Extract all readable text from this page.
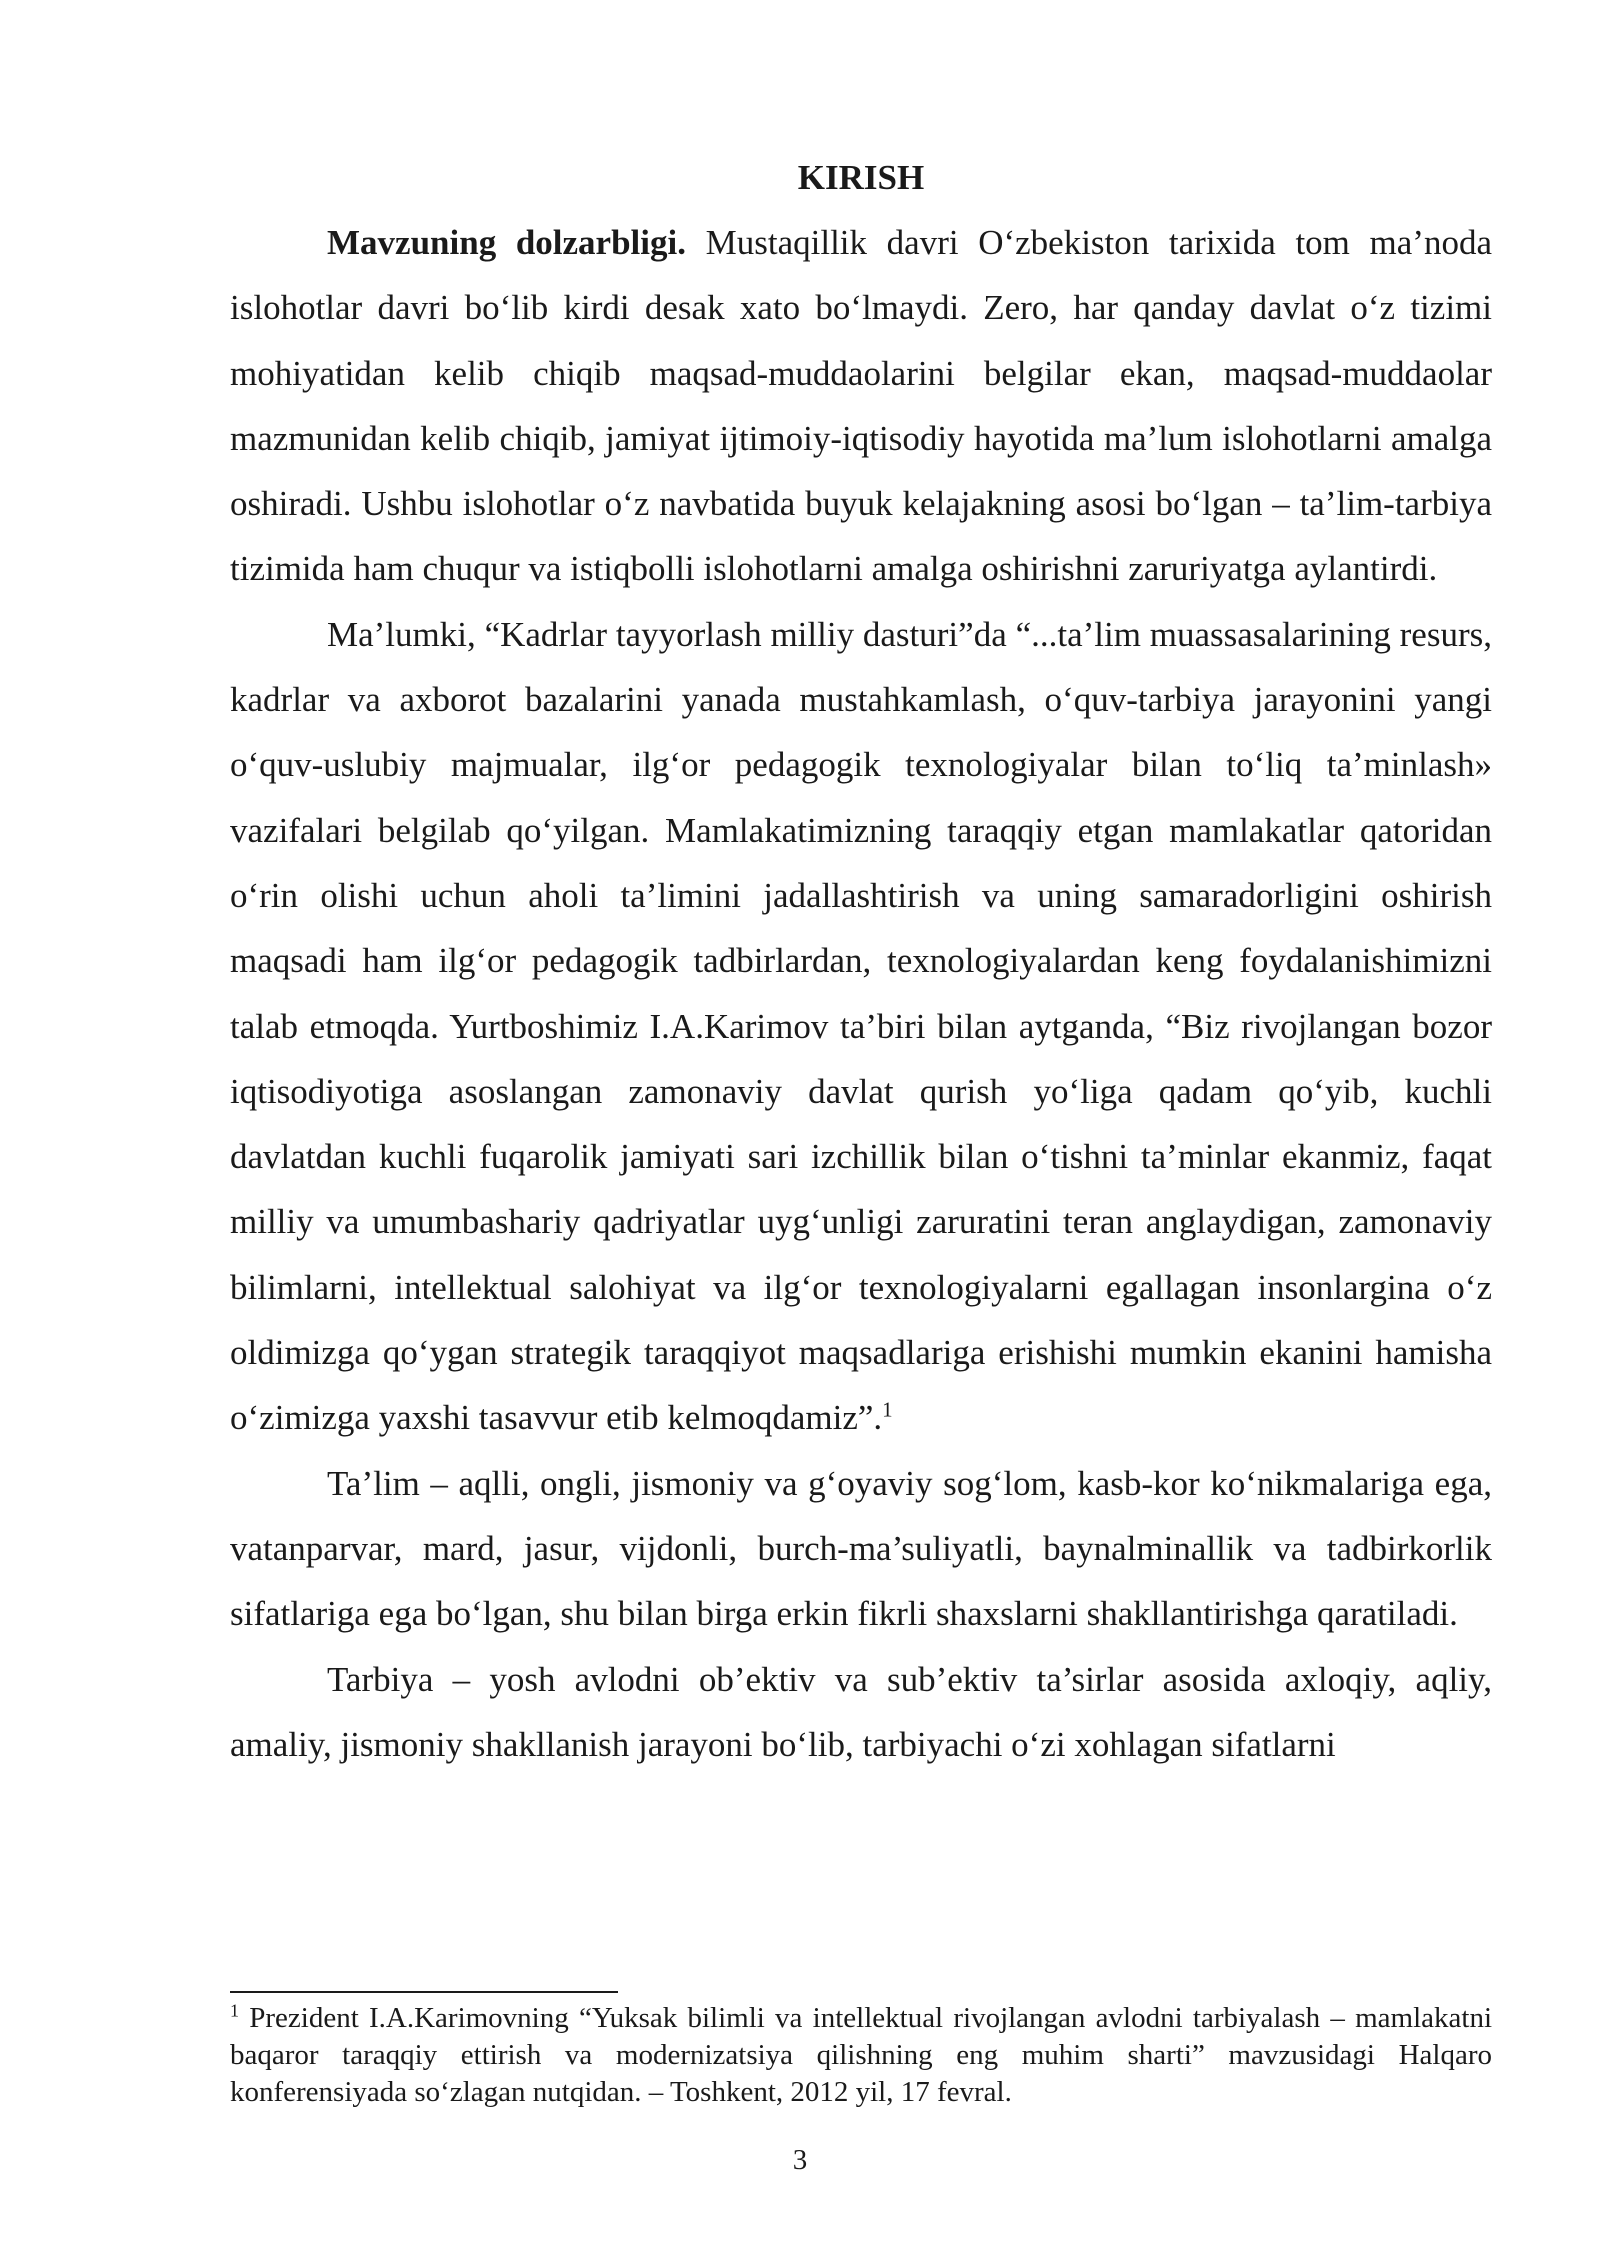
KIRISH

Mavzuning dolzarbligi. Mustaqillik davri O‘zbekiston tarixida tom ma’noda islohotlar davri bo‘lib kirdi desak xato bo‘lmaydi. Zero, har qanday davlat o‘z tizimi mohiyatidan kelib chiqib maqsad-muddaolarini belgilar ekan, maqsad-muddaolar mazmunidan kelib chiqib, jamiyat ijtimoiy-iqtisodiy hayotida ma’lum islohotlarni amalga oshiradi. Ushbu islohotlar o‘z navbatida buyuk kelajakning asosi bo‘lgan – ta’lim-tarbiya tizimida ham chuqur va istiqbolli islohotlarni amalga oshirishni zaruriyatga aylantirdi.

Ma’lumki, “Kadrlar tayyorlash milliy dasturi”da “...ta’lim muassasalarining resurs, kadrlar va axborot bazalarini yanada mustahkamlash, o‘quv-tarbiya jarayonini yangi o‘quv-uslubiy majmualar, ilg‘or pedagogik texnologiyalar bilan to‘liq ta’minlash» vazifalari belgilab qo‘yilgan. Mamlakatimizning taraqqiy etgan mamlakatlar qatoridan o‘rin olishi uchun aholi ta’limini jadallashtirish va uning samaradorligini oshirish maqsadi ham ilg‘or pedagogik tadbirlardan, texnologiyalardan keng foydalanishimizni talab etmoqda. Yurtboshimiz I.A.Karimov ta’biri bilan aytganda, “Biz rivojlangan bozor iqtisodiyotiga asoslangan zamonaviy davlat qurish yo‘liga qadam qo‘yib, kuchli davlatdan kuchli fuqarolik jamiyati sari izchillik bilan o‘tishni ta’minlar ekanmiz, faqat milliy va umumbashariy qadriyatlar uyg‘unligi zaruratini teran anglaydigan, zamonaviy bilimlarni, intellektual salohiyat va ilg‘or texnologiyalarni egallagan insonlargina o‘z oldimizga qo‘ygan strategik taraqqiyot maqsadlariga erishishi mumkin ekanini hamisha o‘zimizga yaxshi tasavvur etib kelmoqdamiz”.$^1$

Ta’lim – aqlli, ongli, jismoniy va g‘oyaviy sog‘lom, kasb-kor ko‘nikmalariga ega, vatanparvar, mard, jasur, vijdonli, burch-ma’suliyatli, baynalminallik va tadbirkorlik sifatlariga ega bo‘lgan, shu bilan birga erkin fikrli shaxslarni shakllantirishga qaratiladi.

Tarbiya – yosh avlodni ob’ektiv va sub’ektiv ta’sirlar asosida axloqiy, aqliy, amaliy, jismoniy shakllanish jarayoni bo‘lib, tarbiyachi o‘zi xohlagan sifatlarni

$^1$ Prezident I.A.Karimovning “Yuksak bilimli va intellektual rivojlangan avlodni tarbiyalash – mamlakatni baqaror taraqqiy ettirish va modernizatsiya qilishning eng muhim sharti” mavzusidagi Halqaro konferensiyada so‘zlagan nutqidan. – Toshkent, 2012 yil, 17 fevral.

3
